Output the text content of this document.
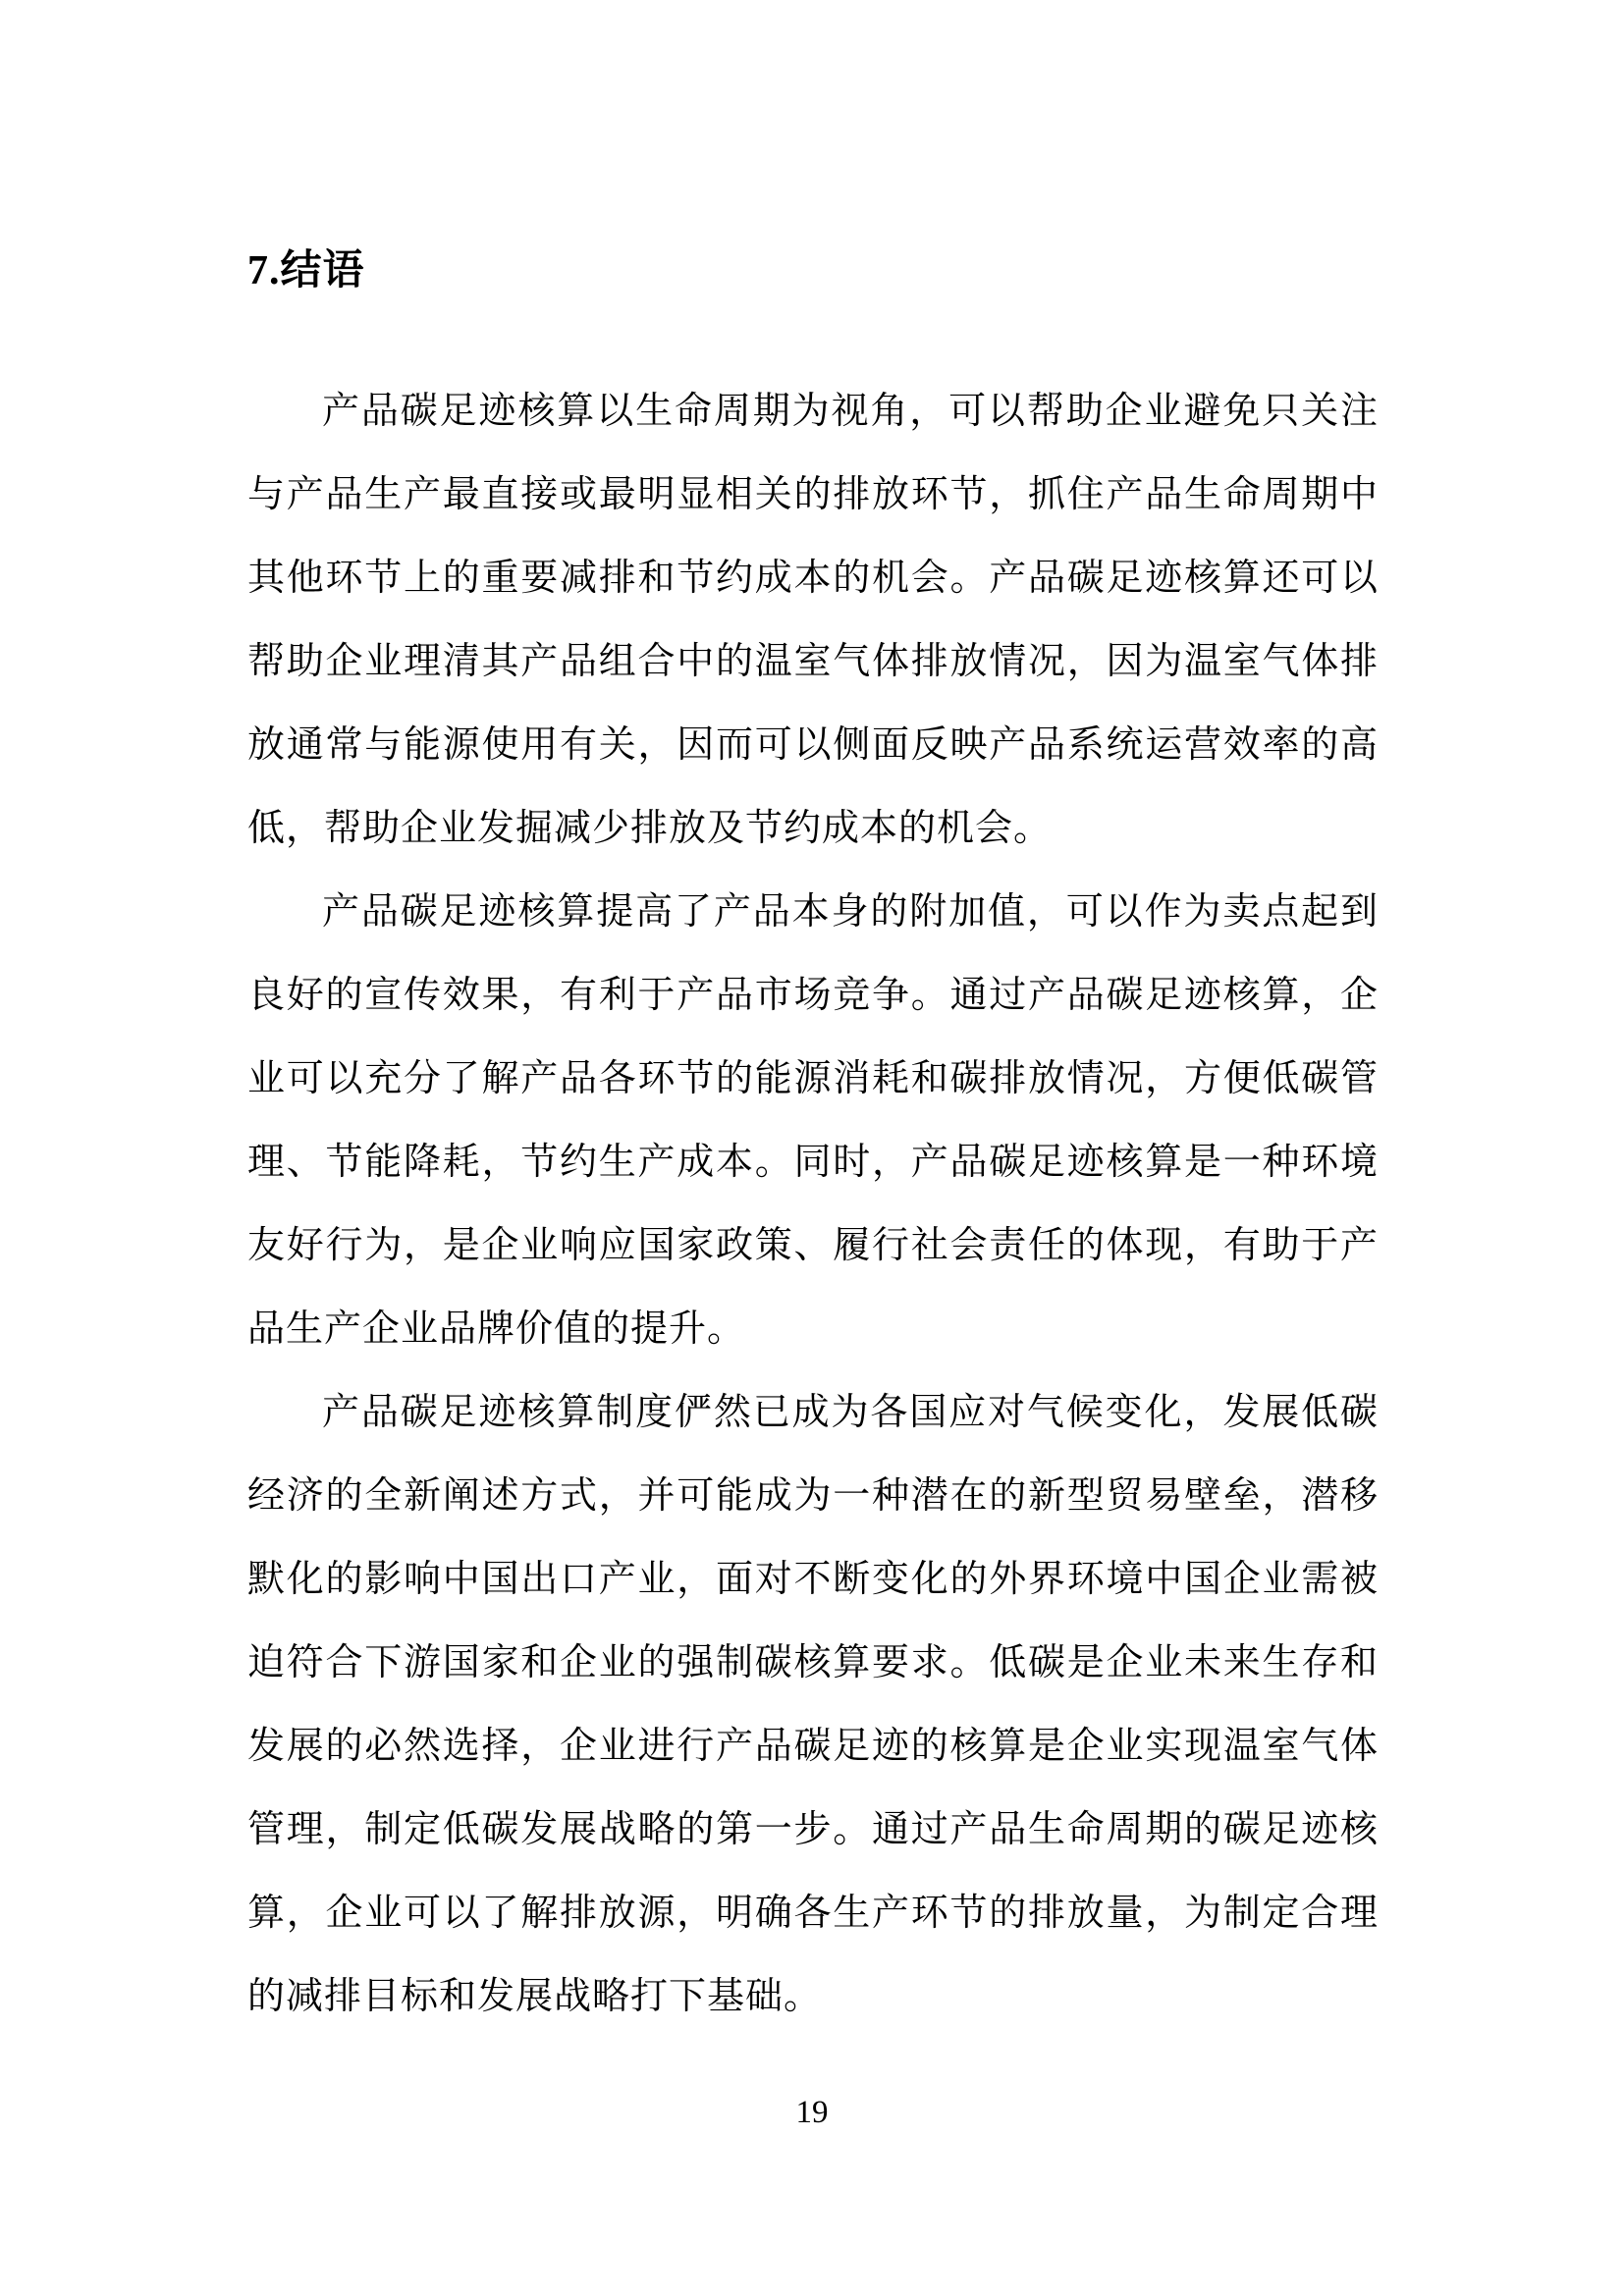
7.结语

产品碳足迹核算以生命周期为视角，可以帮助企业避免只关注与产品生产最直接或最明显相关的排放环节，抓住产品生命周期中其他环节上的重要减排和节约成本的机会。产品碳足迹核算还可以帮助企业理清其产品组合中的温室气体排放情况，因为温室气体排放通常与能源使用有关，因而可以侧面反映产品系统运营效率的高低，帮助企业发掘减少排放及节约成本的机会。

产品碳足迹核算提高了产品本身的附加值，可以作为卖点起到良好的宣传效果，有利于产品市场竞争。通过产品碳足迹核算，企业可以充分了解产品各环节的能源消耗和碳排放情况，方便低碳管理、节能降耗，节约生产成本。同时，产品碳足迹核算是一种环境友好行为，是企业响应国家政策、履行社会责任的体现，有助于产品生产企业品牌价值的提升。

产品碳足迹核算制度俨然已成为各国应对气候变化，发展低碳经济的全新阐述方式，并可能成为一种潜在的新型贸易壁垒，潜移默化的影响中国出口产业，面对不断变化的外界环境中国企业需被迫符合下游国家和企业的强制碳核算要求。低碳是企业未来生存和发展的必然选择，企业进行产品碳足迹的核算是企业实现温室气体管理，制定低碳发展战略的第一步。通过产品生命周期的碳足迹核算，企业可以了解排放源，明确各生产环节的排放量，为制定合理的减排目标和发展战略打下基础。

19
